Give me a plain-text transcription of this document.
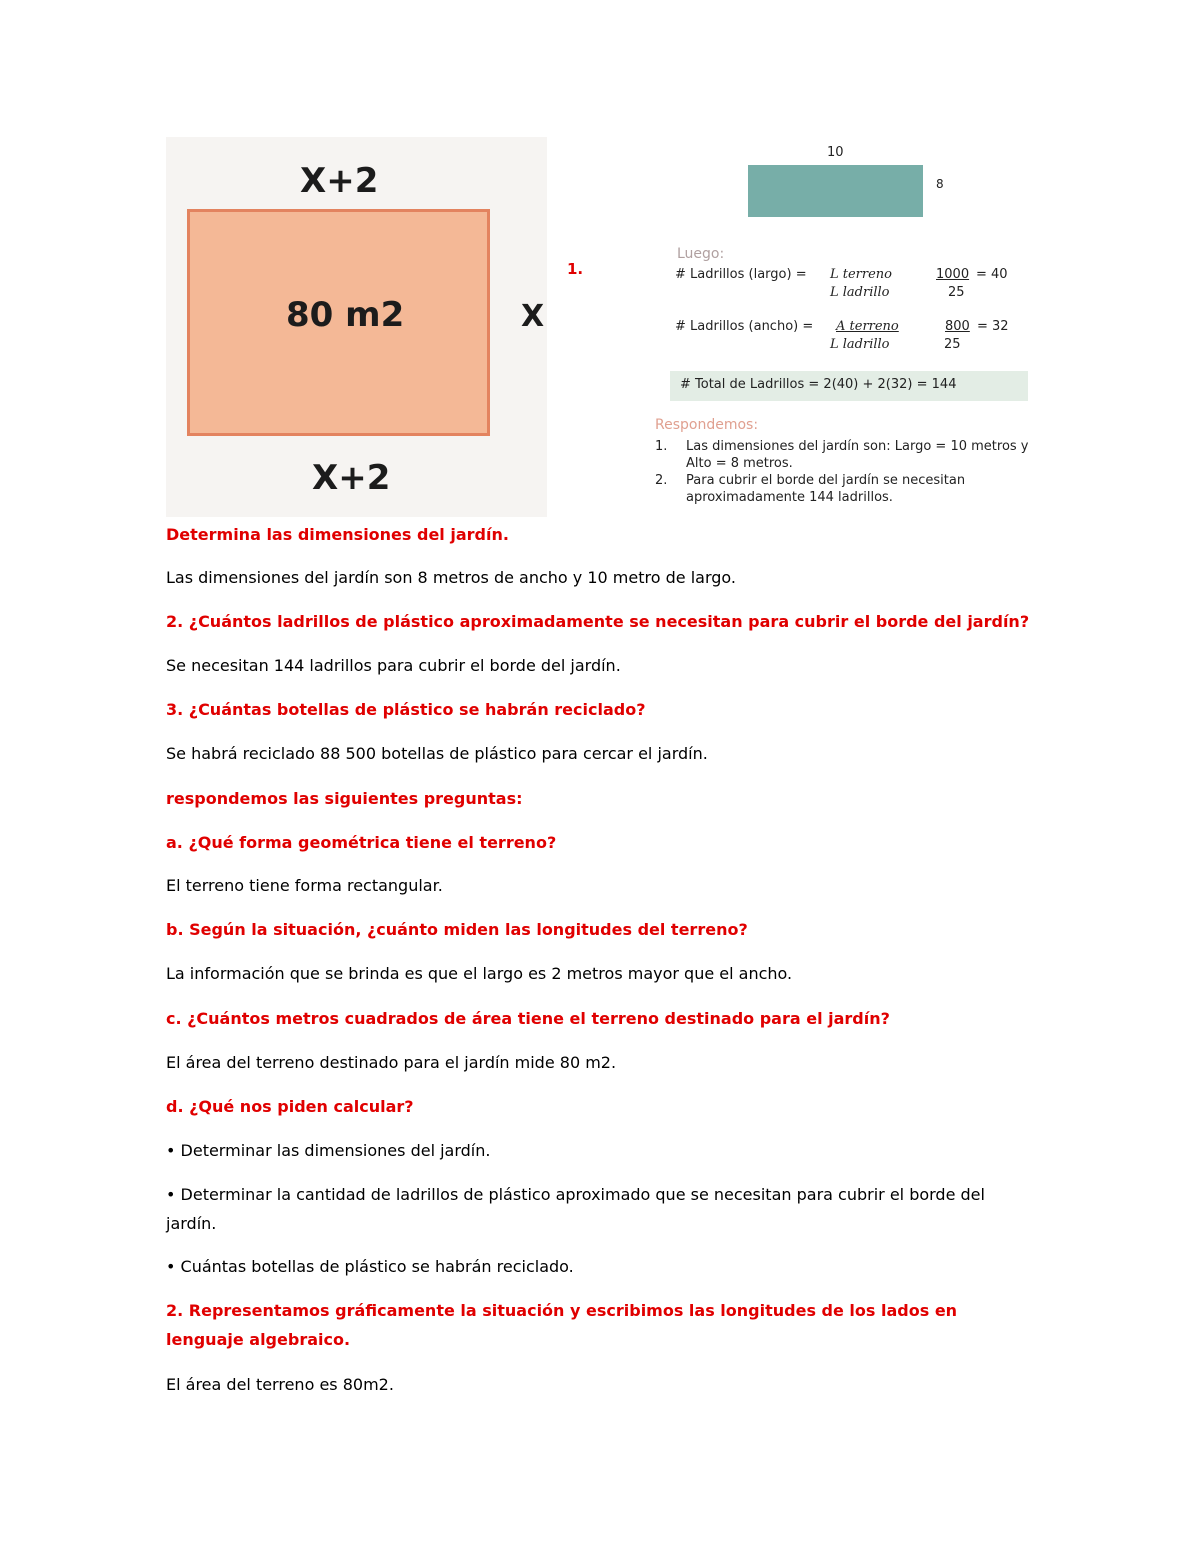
X+2
80 m2	X
X+2
1.
10
8
Luego:
# Ladrillos (largo) = L terreno	1000 = 40
L ladrillo	25
# Ladrillos (ancho) = A terreno	800 = 32
L ladrillo	25
# Total de Ladrillos = 2(40) + 2(32) = 144
Respondemos:
1. Las dimensiones del jardín son: Largo = 10 metros y
Alto = 8 metros.
2. Para cubrir el borde del jardín se necesitan
aproximadamente 144 ladrillos.
Determina las dimensiones del jardín.
Las dimensiones del jardín son 8 metros de ancho y 10 metro de largo.
2. ¿Cuántos ladrillos de plástico aproximadamente se necesitan para cubrir el borde del jardín?
Se necesitan 144 ladrillos para cubrir el borde del jardín.
3. ¿Cuántas botellas de plástico se habrán reciclado?
Se habrá reciclado 88 500 botellas de plástico para cercar el jardín.
respondemos las siguientes preguntas:
a. ¿Qué forma geométrica tiene el terreno?
El terreno tiene forma rectangular.
b. Según la situación, ¿cuánto miden las longitudes del terreno?
La información que se brinda es que el largo es 2 metros mayor que el ancho.
c. ¿Cuántos metros cuadrados de área tiene el terreno destinado para el jardín?
El área del terreno destinado para el jardín mide 80 m2.
d. ¿Qué nos piden calcular?
• Determinar las dimensiones del jardín.
• Determinar la cantidad de ladrillos de plástico aproximado que se necesitan para cubrir el borde del jardín.
• Cuántas botellas de plástico se habrán reciclado.
2. Representamos gráficamente la situación y escribimos las longitudes de los lados en lenguaje algebraico.
El área del terreno es 80m2.
